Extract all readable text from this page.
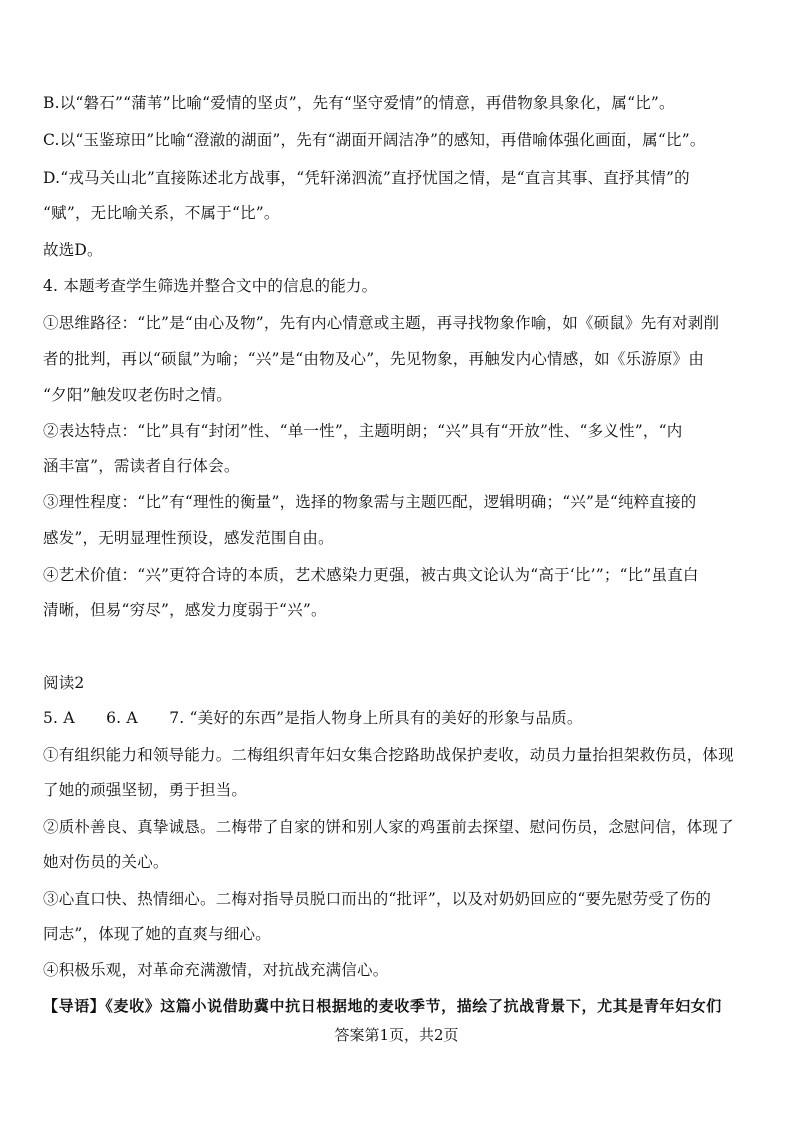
B.以“磐石”“蒲苇”比喻“爱情的坚贞”，先有“坚守爱情”的情意，再借物象具象化，属“比”。
C.以“玉鉴琼田”比喻“澄澈的湖面”，先有“湖面开阔洁净”的感知，再借喻体强化画面，属“比”。
D.“戎马关山北”直接陈述北方战事，“凭轩涕泗流”直抒忧国之情，是“直言其事、直抒其情”的
“赋”，无比喻关系，不属于“比”。
故选D。
4. 本题考查学生筛选并整合文中的信息的能力。
①思维路径：“比”是“由心及物”，先有内心情意或主题，再寻找物象作喻，如《硕鼠》先有对剥削
者的批判，再以“硕鼠”为喻；“兴”是“由物及心”，先见物象，再触发内心情感，如《乐游原》由
“夕阳”触发叹老伤时之情。
②表达特点：“比”具有“封闭”性、“单一性”，主题明朗；“兴”具有“开放”性、“多义性”，“内
涵丰富”，需读者自行体会。
③理性程度：“比”有“理性的衡量”，选择的物象需与主题匹配，逻辑明确；“兴”是“纯粹直接的
感发”，无明显理性预设，感发范围自由。
④艺术价值：“兴”更符合诗的本质，艺术感染力更强，被古典文论认为“高于‘比’”；“比”虽直白
清晰，但易“穷尽”，感发力度弱于“兴”。
阅读2
5. A　　6. A　　7. “美好的东西”是指人物身上所具有的美好的形象与品质。
①有组织能力和领导能力。二梅组织青年妇女集合挖路助战保护麦收，动员力量抬担架救伤员，体现
了她的顽强坚韧，勇于担当。
②质朴善良、真挚诚恳。二梅带了自家的饼和别人家的鸡蛋前去探望、慰问伤员，念慰问信，体现了
她对伤员的关心。
③心直口快、热情细心。二梅对指导员脱口而出的“批评”，以及对奶奶回应的“要先慰劳受了伤的
同志”，体现了她的直爽与细心。
④积极乐观，对革命充满激情，对抗战充满信心。
【导语】《麦收》这篇小说借助冀中抗日根据地的麦收季节，描绘了抗战背景下，尤其是青年妇女们
答案第1页，共2页
